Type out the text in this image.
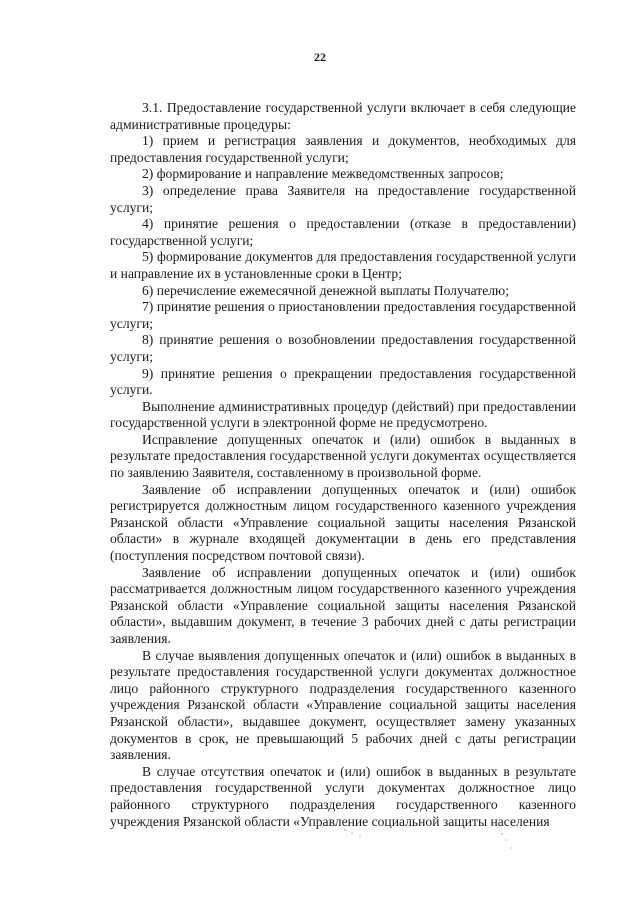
22

3.1. Предоставление государственной услуги включает в себя следующие административные процедуры:

1) прием и регистрация заявления и документов, необходимых для предоставления государственной услуги;

2) формирование и направление межведомственных запросов;

3) определение права Заявителя на предоставление государственной услуги;

4) принятие решения о предоставлении (отказе в предоставлении) государственной услуги;

5) формирование документов для предоставления государственной услуги и направление их в установленные сроки в Центр;

6) перечисление ежемесячной денежной выплаты Получателю;

7) принятие решения о приостановлении предоставления государственной услуги;

8) принятие решения о возобновлении предоставления государственной услуги;

9) принятие решения о прекращении предоставления государственной услуги.

Выполнение административных процедур (действий) при предоставлении государственной услуги в электронной форме не предусмотрено.

Исправление допущенных опечаток и (или) ошибок в выданных в результате предоставления государственной услуги документах осуществляется по заявлению Заявителя, составленному в произвольной форме.

Заявление об исправлении допущенных опечаток и (или) ошибок регистрируется должностным лицом государственного казенного учреждения Рязанской области «Управление социальной защиты населения Рязанской области» в журнале входящей документации в день его представления (поступления посредством почтовой связи).

Заявление об исправлении допущенных опечаток и (или) ошибок рассматривается должностным лицом государственного казенного учреждения Рязанской области «Управление социальной защиты населения Рязанской области», выдавшим документ, в течение 3 рабочих дней с даты регистрации заявления.

В случае выявления допущенных опечаток и (или) ошибок в выданных в результате предоставления государственной услуги документах должностное лицо районного структурного подразделения государственного казенного учреждения Рязанской области «Управление социальной защиты населения Рязанской области», выдавшее документ, осуществляет замену указанных документов в срок, не превышающий 5 рабочих дней с даты регистрации заявления.

В случае отсутствия опечаток и (или) ошибок в выданных в результате предоставления государственной услуги документах должностное лицо районного структурного подразделения государственного казенного учреждения Рязанской области «Управление социальной защиты населения
